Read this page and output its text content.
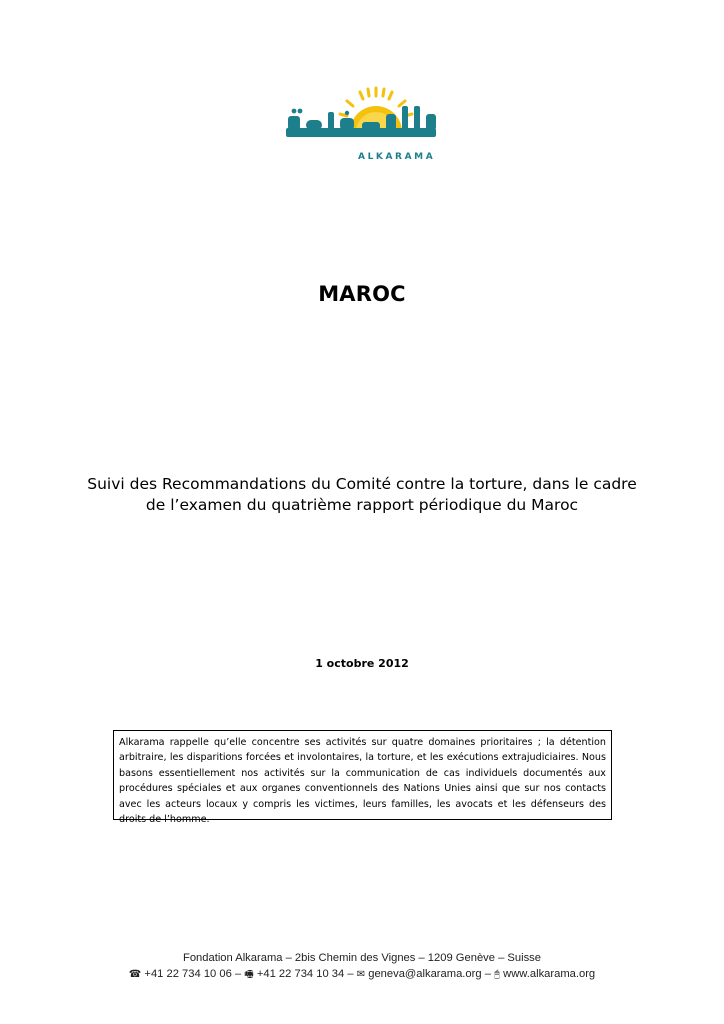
ALKARAMA
MAROC
Suivi des Recommandations du Comité contre la torture, dans le cadre de l’examen du quatrième rapport périodique du Maroc
1 octobre 2012
Alkarama rappelle qu’elle concentre ses activités sur quatre domaines prioritaires ; la détention arbitraire, les disparitions forcées et involontaires, la torture, et les exécutions extrajudiciaires. Nous basons essentiellement nos activités sur la communication de cas individuels documentés aux procédures spéciales et aux organes conventionnels des Nations Unies ainsi que sur nos contacts avec les acteurs locaux y compris les victimes, leurs familles, les avocats et les défenseurs des droits de l’homme.
Fondation Alkarama – 2bis Chemin des Vignes – 1209 Genève – Suisse
☎ +41 22 734 10 06 – 🖷 +41 22 734 10 34 – ✉ geneva@alkarama.org – 🖰 www.alkarama.org
